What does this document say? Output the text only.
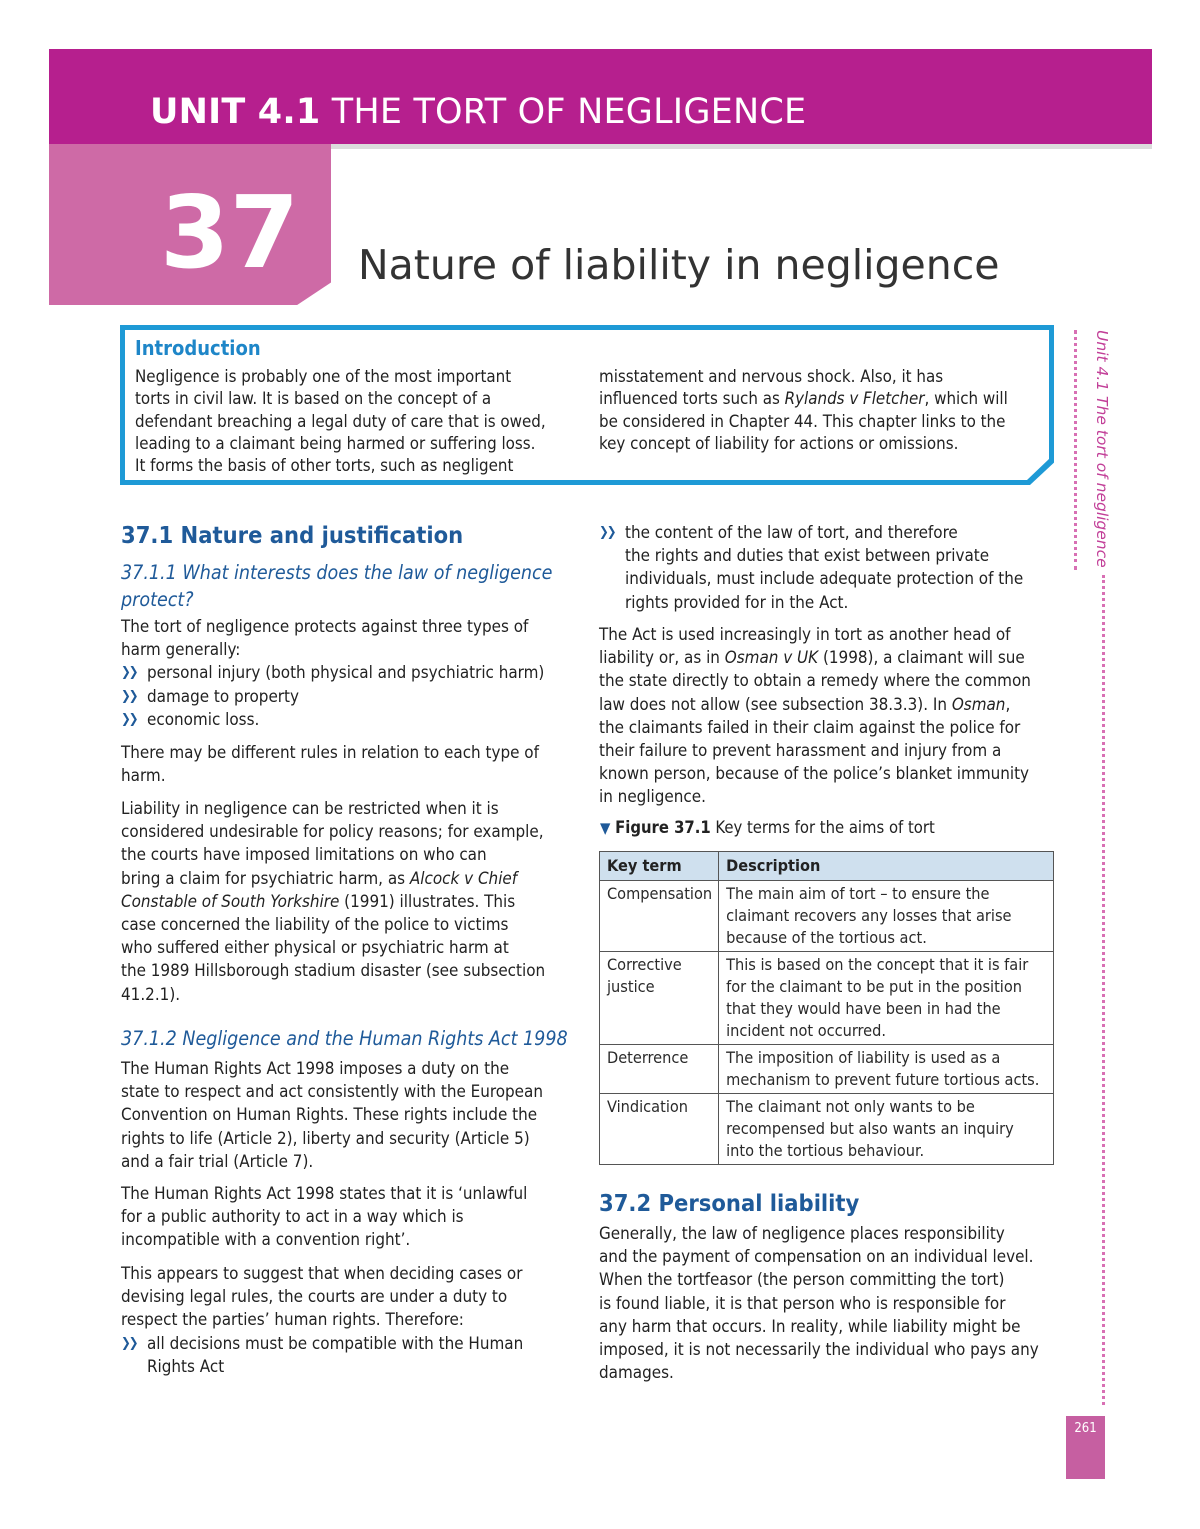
UNIT 4.1 THE TORT OF NEGLIGENCE
37 Nature of liability in negligence
Introduction
Negligence is probably one of the most important
torts in civil law. It is based on the concept of a
defendant breaching a legal duty of care that is owed,
leading to a claimant being harmed or suffering loss.
It forms the basis of other torts, such as negligent
misstatement and nervous shock. Also, it has
influenced torts such as Rylands v Fletcher, which will
be considered in Chapter 44. This chapter links to the
key concept of liability for actions or omissions.
37.1 Nature and justification
37.1.1 What interests does the law of negligence
protect?
The tort of negligence protects against three types of
harm generally:
❯❯ personal injury (both physical and psychiatric harm)
❯❯ damage to property
❯❯ economic loss.
There may be different rules in relation to each type of
harm.
Liability in negligence can be restricted when it is
considered undesirable for policy reasons; for example,
the courts have imposed limitations on who can
bring a claim for psychiatric harm, as Alcock v Chief
Constable of South Yorkshire (1991) illustrates. This
case concerned the liability of the police to victims
who suffered either physical or psychiatric harm at
the 1989 Hillsborough stadium disaster (see subsection
41.2.1).
37.1.2 Negligence and the Human Rights Act 1998
The Human Rights Act 1998 imposes a duty on the
state to respect and act consistently with the European
Convention on Human Rights. These rights include the
rights to life (Article 2), liberty and security (Article 5)
and a fair trial (Article 7).
The Human Rights Act 1998 states that it is ‘unlawful
for a public authority to act in a way which is
incompatible with a convention right’.
This appears to suggest that when deciding cases or
devising legal rules, the courts are under a duty to
respect the parties’ human rights. Therefore:
❯❯ all decisions must be compatible with the Human
Rights Act
❯❯ the content of the law of tort, and therefore
the rights and duties that exist between private
individuals, must include adequate protection of the
rights provided for in the Act.
The Act is used increasingly in tort as another head of
liability or, as in Osman v UK (1998), a claimant will sue
the state directly to obtain a remedy where the common
law does not allow (see subsection 38.3.3). In Osman,
the claimants failed in their claim against the police for
their failure to prevent harassment and injury from a
known person, because of the police’s blanket immunity
in negligence.
▼ Figure 37.1 Key terms for the aims of tort
Key term	Description

Compensation	The main aim of tort – to ensure the
claimant recovers any losses that arise
because of the tortious act.

Corrective
justice	This is based on the concept that it is fair
for the claimant to be put in the position
that they would have been in had the
incident not occurred.

Deterrence	The imposition of liability is used as a
mechanism to prevent future tortious acts.

Vindication	The claimant not only wants to be
recompensed but also wants an inquiry
into the tortious behaviour.
37.2 Personal liability
Generally, the law of negligence places responsibility
and the payment of compensation on an individual level.
When the tortfeasor (the person committing the tort)
is found liable, it is that person who is responsible for
any harm that occurs. In reality, while liability might be
imposed, it is not necessarily the individual who pays any
damages.
Unit 4.1 The tort of negligence
261
